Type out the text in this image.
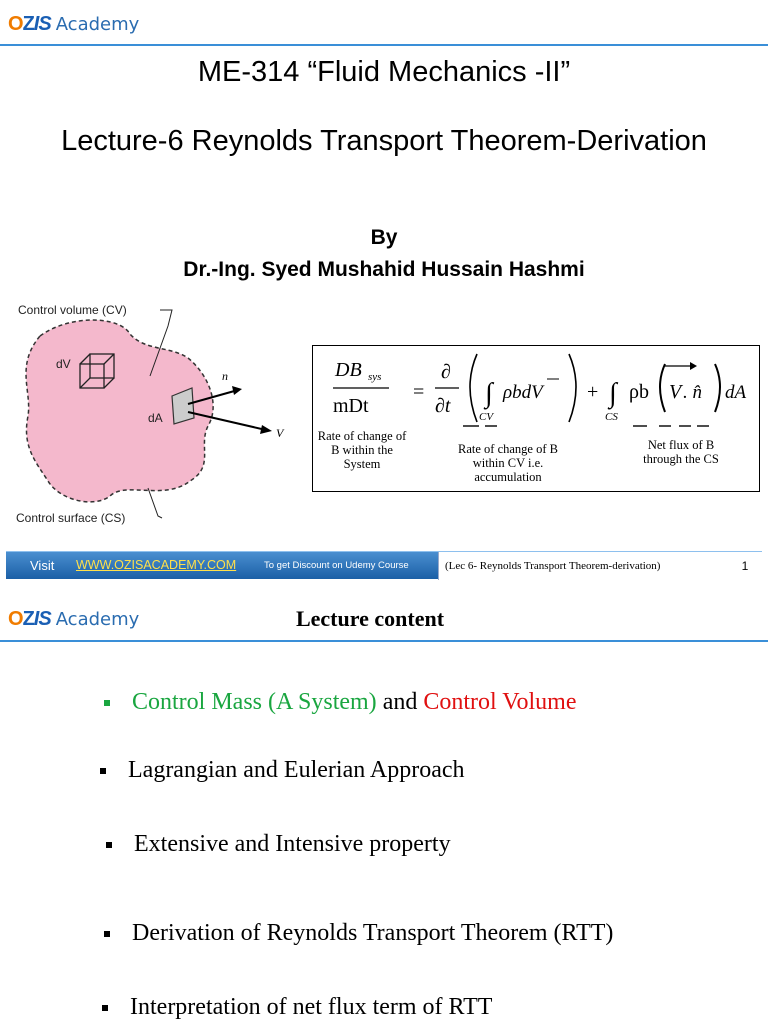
OZIS Academy
ME-314 “Fluid Mechanics -II”
Lecture-6 Reynolds Transport Theorem-Derivation
By
Dr.-Ing. Syed Mushahid Hussain Hashmi
dV
dA
n
V
Control volume (CV)
Control surface (CS)
DB sys
mDt
=
∂
∂t ∫
CV
ρbdV + ∫
CS
ρb V . n̂ dA
Rate of change of B within the System
Rate of change of B within CV i.e. accumulation
Net flux of B through the CS
Visit WWW.OZISACADEMY.COM	To get Discount on Udemy Course	(Lec 6- Reynolds Transport Theorem-derivation)	1
OZIS Academy	Lecture content
Control Mass (A System)
and
Control Volume
Lagrangian and Eulerian Approach
Extensive and Intensive property
Derivation of Reynolds Transport Theorem (RTT)
Interpretation of net flux term of RTT
